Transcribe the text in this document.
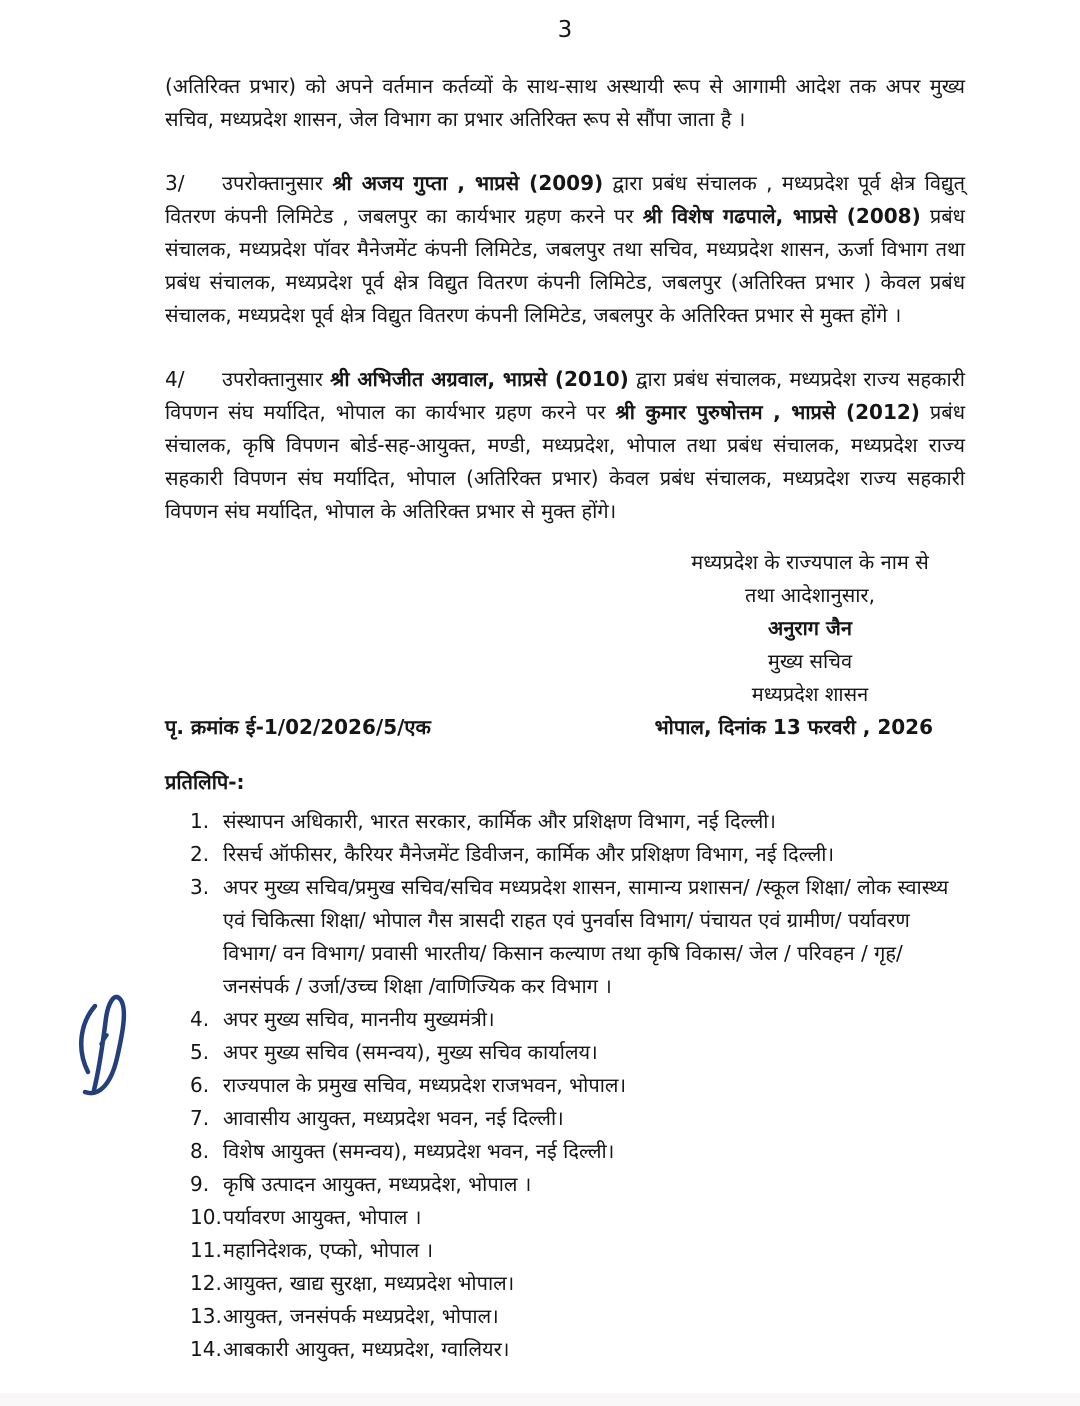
3
(अतिरिक्त प्रभार) को अपने वर्तमान कर्तव्यों के साथ-साथ अस्थायी रूप से आगामी आदेश तक अपर मुख्य सचिव, मध्यप्रदेश शासन, जेल विभाग का प्रभार अतिरिक्त रूप से सौंपा जाता है ।
3/ उपरोक्तानुसार श्री अजय गुप्ता , भाप्रसे (2009) द्वारा प्रबंध संचालक , मध्यप्रदेश पूर्व क्षेत्र विद्युत् वितरण कंपनी लिमिटेड , जबलपुर का कार्यभार ग्रहण करने पर श्री विशेष गढपाले, भाप्रसे (2008) प्रबंध संचालक, मध्यप्रदेश पॉवर मैनेजमेंट कंपनी लिमिटेड, जबलपुर तथा सचिव, मध्यप्रदेश शासन, ऊर्जा विभाग तथा प्रबंध संचालक, मध्यप्रदेश पूर्व क्षेत्र विद्युत वितरण कंपनी लिमिटेड, जबलपुर (अतिरिक्त प्रभार ) केवल प्रबंध संचालक, मध्यप्रदेश पूर्व क्षेत्र विद्युत वितरण कंपनी लिमिटेड, जबलपुर के अतिरिक्त प्रभार से मुक्त होंगे ।
4/ उपरोक्तानुसार श्री अभिजीत अग्रवाल, भाप्रसे (2010) द्वारा प्रबंध संचालक, मध्यप्रदेश राज्य सहकारी विपणन संघ मर्यादित, भोपाल का कार्यभार ग्रहण करने पर श्री कुमार पुरुषोत्तम , भाप्रसे (2012) प्रबंध संचालक, कृषि विपणन बोर्ड-सह-आयुक्त, मण्डी, मध्यप्रदेश, भोपाल तथा प्रबंध संचालक, मध्यप्रदेश राज्य सहकारी विपणन संघ मर्यादित, भोपाल (अतिरिक्त प्रभार) केवल प्रबंध संचालक, मध्यप्रदेश राज्य सहकारी विपणन संघ मर्यादित, भोपाल के अतिरिक्त प्रभार से मुक्त होंगे।
मध्यप्रदेश के राज्यपाल के नाम से
तथा आदेशानुसार,
अनुराग जैन
मुख्य सचिव
मध्यप्रदेश शासन
पृ. क्रमांक ई-1/02/2026/5/एक	भोपाल, दिनांक 13 फरवरी , 2026
प्रतिलिपि-:
1. संस्थापन अधिकारी, भारत सरकार, कार्मिक और प्रशिक्षण विभाग, नई दिल्ली।
2. रिसर्च ऑफीसर, कैरियर मैनेजमेंट डिवीजन, कार्मिक और प्रशिक्षण विभाग, नई दिल्ली।
3. अपर मुख्य सचिव/प्रमुख सचिव/सचिव मध्यप्रदेश शासन, सामान्य प्रशासन/ /स्कूल शिक्षा/ लोक स्वास्थ्य एवं चिकित्सा शिक्षा/ भोपाल गैस त्रासदी राहत एवं पुनर्वास विभाग/ पंचायत एवं ग्रामीण/ पर्यावरण विभाग/ वन विभाग/ प्रवासी भारतीय/ किसान कल्याण तथा कृषि विकास/ जेल / परिवहन / गृह/ जनसंपर्क / उर्जा/उच्च शिक्षा /वाणिज्यिक कर विभाग ।
4. अपर मुख्य सचिव, माननीय मुख्यमंत्री।
5. अपर मुख्य सचिव (समन्वय), मुख्य सचिव कार्यालय।
6. राज्यपाल के प्रमुख सचिव, मध्यप्रदेश राजभवन, भोपाल।
7. आवासीय आयुक्त, मध्यप्रदेश भवन, नई दिल्ली।
8. विशेष आयुक्त (समन्वय), मध्यप्रदेश भवन, नई दिल्ली।
9. कृषि उत्पादन आयुक्त, मध्यप्रदेश, भोपाल ।
10. पर्यावरण आयुक्त, भोपाल ।
11. महानिदेशक, एप्को, भोपाल ।
12. आयुक्त, खाद्य सुरक्षा, मध्यप्रदेश भोपाल।
13. आयुक्त, जनसंपर्क मध्यप्रदेश, भोपाल।
14. आबकारी आयुक्त, मध्यप्रदेश, ग्वालियर।
